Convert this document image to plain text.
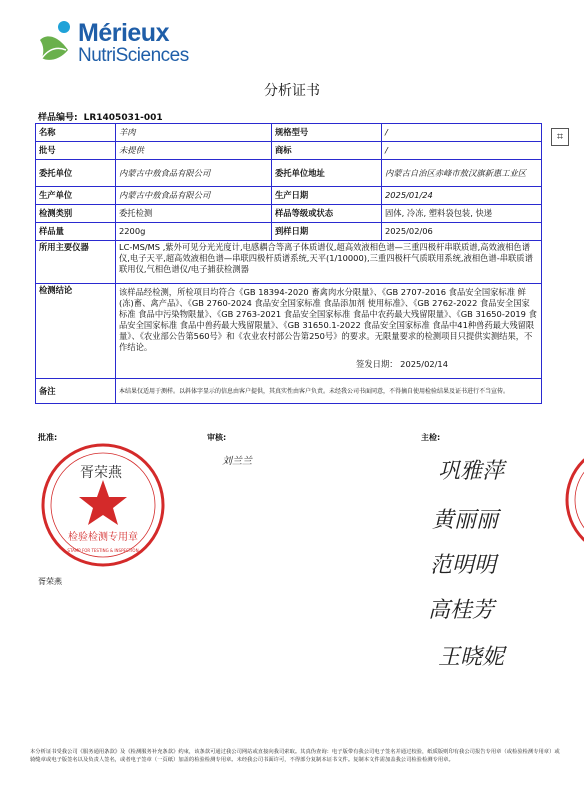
Mérieux
NutriSciences
分析证书
样品编号: LR1405031-001
⌗
名称	羊肉	规格型号	/
批号	未提供	商标	/
委托单位	内蒙古中敖食品有限公司	委托单位地址	内蒙古自治区赤峰市敖汉旗新惠工业区
生产单位	内蒙古中敖食品有限公司	生产日期	2025/01/24
检测类别	委托检测	样品等级或状态	固体, 冷冻, 塑料袋包装, 快递
样品量	2200g	到样日期	2025/02/06
所用主要仪器	LC-MS/MS ,紫外可见分光光度计,电感耦合等离子体质谱仪,超高效液相色谱—三重四极杆串联质谱,高效液相色谱仪,电子天平,超高效液相色谱—串联四极杆质谱系统,天平(1/10000),三重四极杆气质联用系统,液相色谱-串联质谱联用仪,气相色谱仪/电子捕获检测器		
检测结论	该样品经检测，所检项目均符合《GB 18394-2020 畜禽肉水分限量》、《GB 2707-2016 食品安全国家标准 鲜(冻)畜、禽产品》、《GB 2760-2024 食品安全国家标准 食品添加剂 使用标准》、《GB 2762-2022 食品安全国家标准 食品中污染物限量》、《GB 2763-2021 食品安全国家标准 食品中农药最大残留限量》、《GB 31650-2019 食品安全国家标准 食品中兽药最大残留限量》、《GB 31650.1-2022 食品安全国家标准 食品中41种兽药最大残留限量》、《农业部公告第560号》和《农业农村部公告第250号》的要求。无限量要求的检测项目只提供实测结果，不作结论。
签发日期： 2025/02/14		

备注	本结果仅适用于测样。以斜体字显示的信息由客户提供，其真实性由客户负责。未经我公司书面同意，不得摘自使用检验结果及证书进行不当宣传。		
批准:	审核:	主检:
检验检测专用章
STAMP FOR TESTING & INSPECTION
胥荣燕
胥荣燕
刘兰兰	巩雅萍
黄丽丽
范明明
高桂芳
王晓妮
本分析证书受我公司《服务通用条款》及《检测服务补充条款》约束，该条款可通过我公司网站或直接向我司索取。其真伪查询：电子版带有我公司电子签名并通过校验，纸质版则印有我公司报告专用章（或检验检测专用章）或骑缝章或电子版签名以及负责人签名，或者电子签章（一页纸）加盖的检验检测专用章。未经我公司书面许可，不得部分复制本证书文件。复制本文件需加盖我公司检验检测专用章。
